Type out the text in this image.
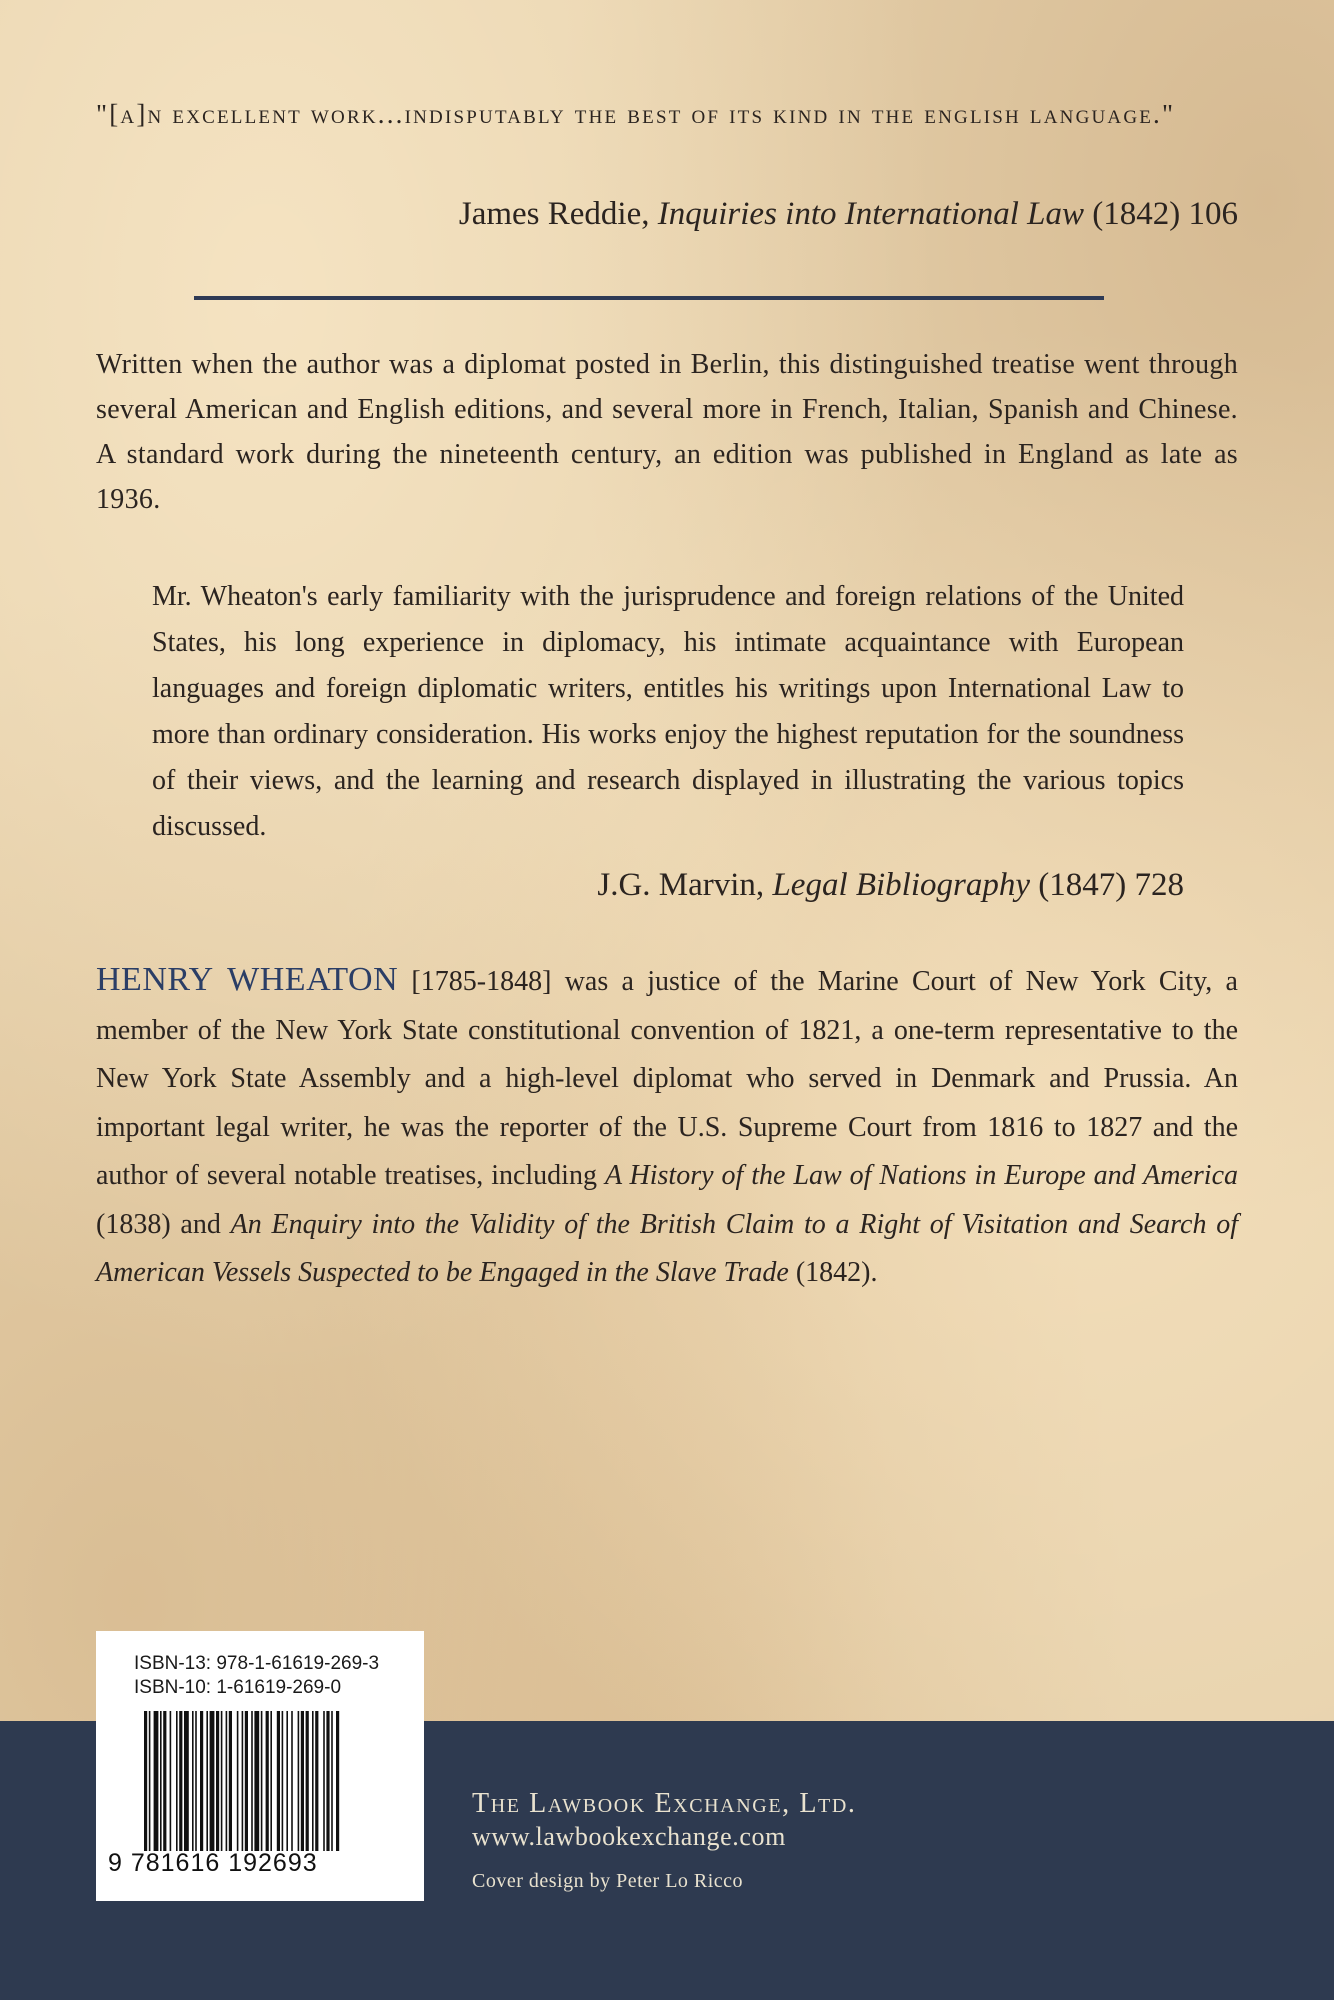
"[a]n excellent work...indisputably the best of its kind in the english language."
James Reddie, Inquiries into International Law (1842) 106
Written when the author was a diplomat posted in Berlin, this distinguished treatise went through several American and English editions, and several more in French, Italian, Spanish and Chinese. A standard work during the nineteenth century, an edition was published in England as late as 1936.
Mr. Wheaton's early familiarity with the jurisprudence and foreign relations of the United States, his long experience in diplomacy, his intimate acquaintance with European languages and foreign diplomatic writers, entitles his writings upon International Law to more than ordinary consideration. His works enjoy the highest reputation for the soundness of their views, and the learning and research displayed in illustrating the various topics discussed.
J.G. Marvin, Legal Bibliography (1847) 728
HENRY WHEATON [1785-1848] was a justice of the Marine Court of New York City, a member of the New York State constitutional convention of 1821, a one-term representative to the New York State Assembly and a high-level diplomat who served in Denmark and Prussia. An important legal writer, he was the reporter of the U.S. Supreme Court from 1816 to 1827 and the author of several notable treatises, including A History of the Law of Nations in Europe and America (1838) and An Enquiry into the Validity of the British Claim to a Right of Visitation and Search of American Vessels Suspected to be Engaged in the Slave Trade (1842).
ISBN-13: 978-1-61619-269-3
ISBN-10: 1-61619-269-0
9 781616 192693
The Lawbook Exchange, Ltd.
www.lawbookexchange.com
Cover design by Peter Lo Ricco
